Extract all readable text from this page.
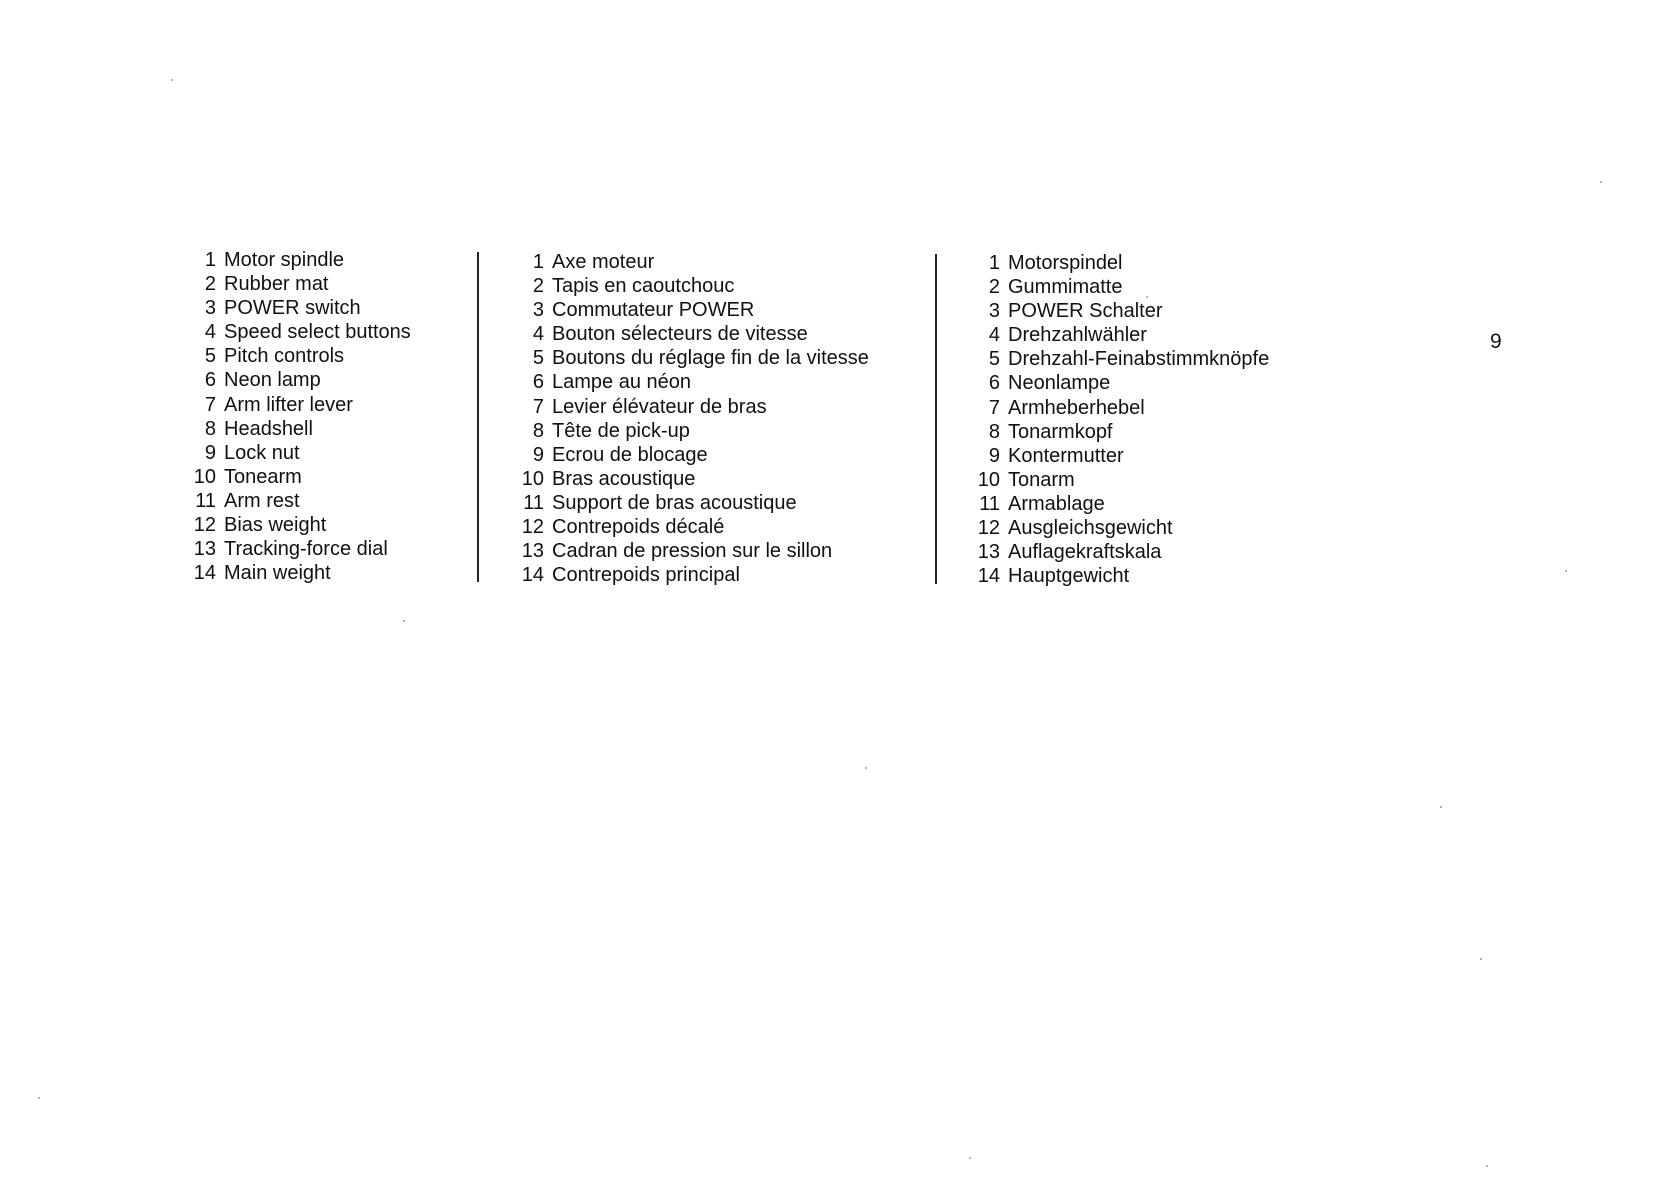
1 Motor spindle
2 Rubber mat
3 POWER switch
4 Speed select buttons
5 Pitch controls
6 Neon lamp
7 Arm lifter lever
8 Headshell
9 Lock nut
10 Tonearm
11 Arm rest
12 Bias weight
13 Tracking-force dial
14 Main weight
1 Axe moteur
2 Tapis en caoutchouc
3 Commutateur POWER
4 Bouton sélecteurs de vitesse
5 Boutons du réglage fin de la vitesse
6 Lampe au néon
7 Levier élévateur de bras
8 Tête de pick-up
9 Ecrou de blocage
10 Bras acoustique
11 Support de bras acoustique
12 Contrepoids décalé
13 Cadran de pression sur le sillon
14 Contrepoids principal
1 Motorspindel
2 Gummimatte
3 POWER Schalter
4 Drehzahlwähler
5 Drehzahl-Feinabstimmknöpfe
6 Neonlampe
7 Armheberhebel
8 Tonarmkopf
9 Kontermutter
10 Tonarm
11 Armablage
12 Ausgleichsgewicht
13 Auflagekraftskala
14 Hauptgewicht
9
